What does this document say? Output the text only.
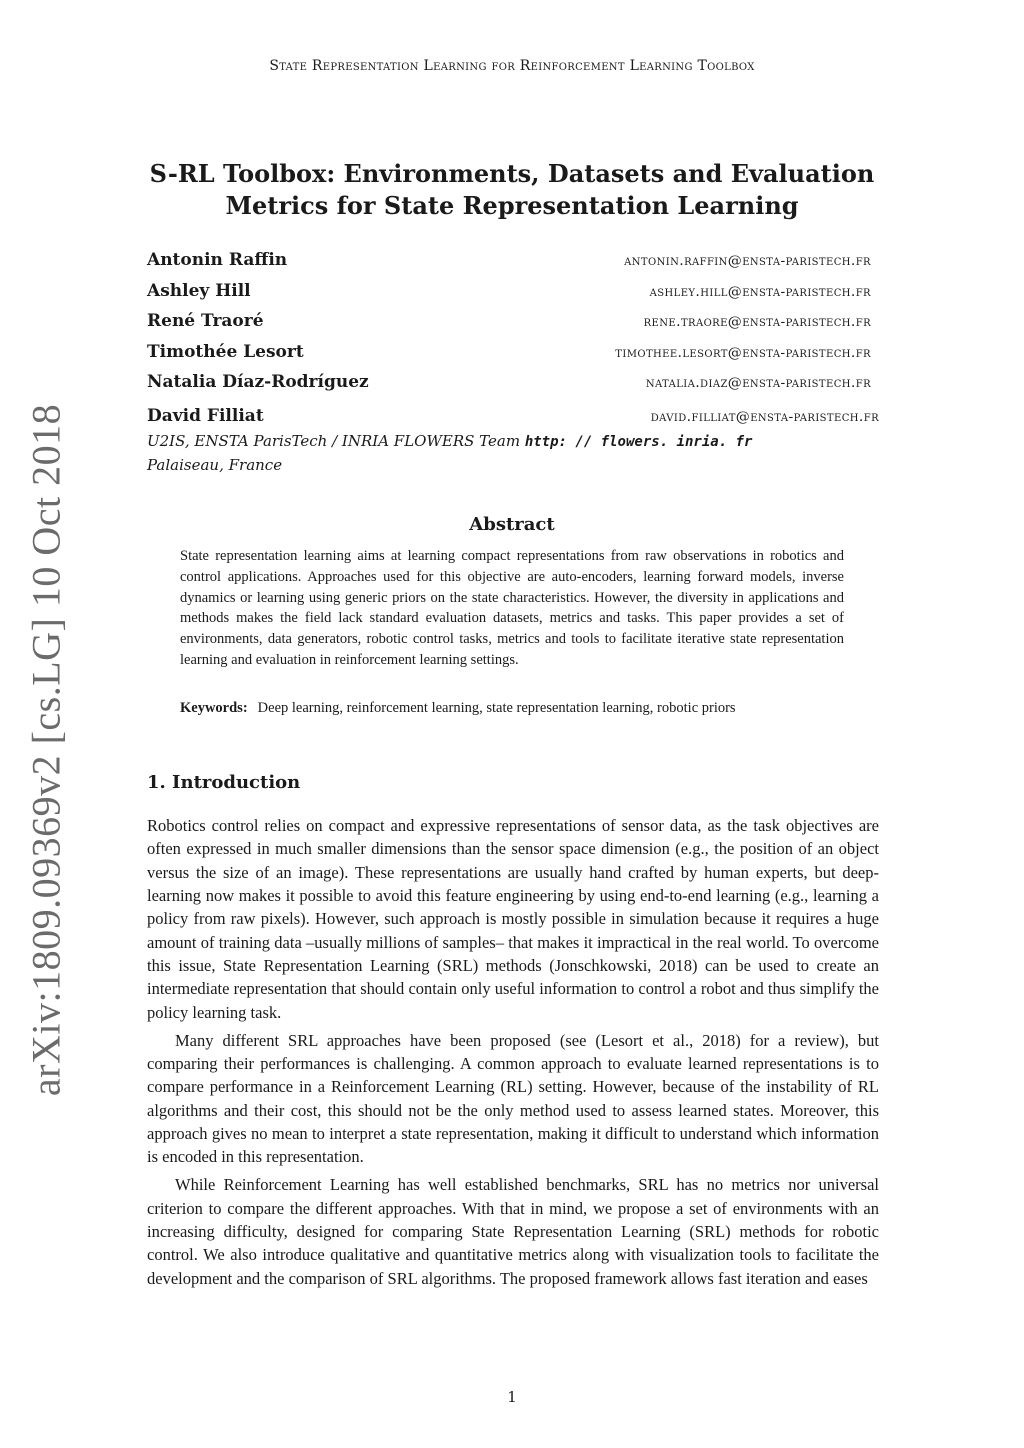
State Representation Learning for Reinforcement Learning Toolbox
arXiv:1809.09369v2 [cs.LG] 10 Oct 2018
S-RL Toolbox: Environments, Datasets and Evaluation
Metrics for State Representation Learning
Antonin Raffin	antonin.raffin@ensta-paristech.fr
Ashley Hill	ashley.hill@ensta-paristech.fr
René Traoré	rene.traore@ensta-paristech.fr
Timothée Lesort	timothee.lesort@ensta-paristech.fr
Natalia Díaz-Rodríguez	natalia.diaz@ensta-paristech.fr
David Filliat	david.filliat@ensta-paristech.fr
U2IS, ENSTA ParisTech / INRIA FLOWERS Team http: // flowers. inria. fr
Palaiseau, France
Abstract
State representation learning aims at learning compact representations from raw observations in robotics and control applications. Approaches used for this objective are auto-encoders, learning forward models, inverse dynamics or learning using generic priors on the state characteristics. However, the diversity in applications and methods makes the field lack standard evaluation datasets, metrics and tasks. This paper provides a set of environments, data generators, robotic control tasks, metrics and tools to facilitate iterative state representation learning and evaluation in reinforcement learning settings.
Keywords: Deep learning, reinforcement learning, state representation learning, robotic priors
1. Introduction

Robotics control relies on compact and expressive representations of sensor data, as the task objectives are often expressed in much smaller dimensions than the sensor space dimension (e.g., the position of an object versus the size of an image). These representations are usually hand crafted by human experts, but deep-learning now makes it possible to avoid this feature engineering by using end-to-end learning (e.g., learning a policy from raw pixels). However, such approach is mostly possible in simulation because it requires a huge amount of training data –usually millions of samples– that makes it impractical in the real world. To overcome this issue, State Representation Learning (SRL) methods (Jonschkowski, 2018) can be used to create an intermediate representation that should contain only useful information to control a robot and thus simplify the policy learning task.

Many different SRL approaches have been proposed (see (Lesort et al., 2018) for a review), but comparing their performances is challenging. A common approach to evaluate learned representations is to compare performance in a Reinforcement Learning (RL) setting. However, because of the instability of RL algorithms and their cost, this should not be the only method used to assess learned states. Moreover, this approach gives no mean to interpret a state representation, making it difficult to understand which information is encoded in this representation.

While Reinforcement Learning has well established benchmarks, SRL has no metrics nor universal criterion to compare the different approaches. With that in mind, we propose a set of environments with an increasing difficulty, designed for comparing State Representation Learning (SRL) methods for robotic control. We also introduce qualitative and quantitative metrics along with visualization tools to facilitate the development and the comparison of SRL algorithms. The proposed framework allows fast iteration and eases

1
